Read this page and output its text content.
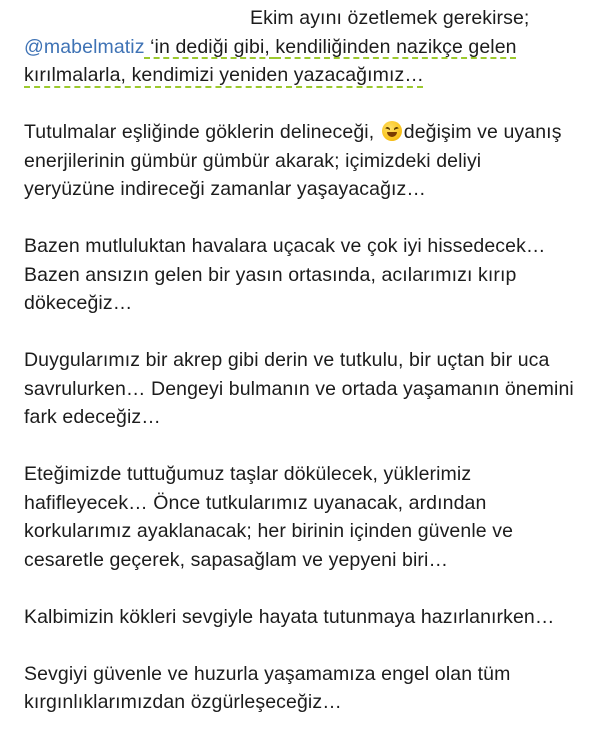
Ekim ayını özetlemek gerekirse;
@mabelmatiz ‘in dediği gibi, kendiliğinden nazikçe gelen
kırılmalarla, kendimizi yeniden yazacağımız…
Tutulmalar eşliğinde göklerin delineceği,
değişim ve uyanış
enerjilerinin gümbür gümbür akarak; içimizdeki deliyi
yeryüzüne indireceği zamanlar yaşayacağız…
Bazen mutluluktan havalara uçacak ve çok iyi hissedecek…
Bazen ansızın gelen bir yasın ortasında, acılarımızı kırıp
dökeceğiz…
Duygularımız bir akrep gibi derin ve tutkulu, bir uçtan bir uca
savrulurken… Dengeyi bulmanın ve ortada yaşamanın önemini
fark edeceğiz…
Eteğimizde tuttuğumuz taşlar dökülecek, yüklerimiz
hafifleyecek… Önce tutkularımız uyanacak, ardından
korkularımız ayaklanacak; her birinin içinden güvenle ve
cesaretle geçerek, sapasağlam ve yepyeni biri…
Kalbimizin kökleri sevgiyle hayata tutunmaya hazırlanırken…
Sevgiyi güvenle ve huzurla yaşamamıza engel olan tüm
kırgınlıklarımızdan özgürleşeceğiz…
